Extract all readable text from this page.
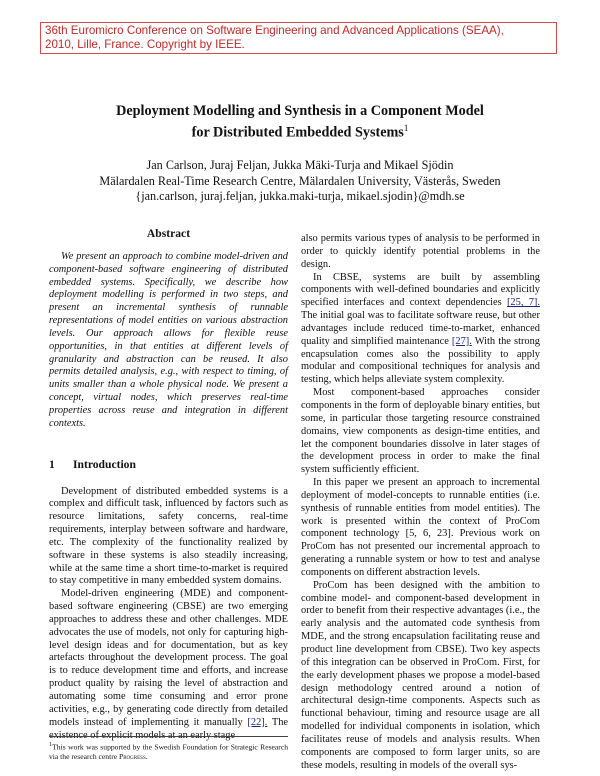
36th Euromicro Conference on Software Engineering and Advanced Applications (SEAA),
2010, Lille, France. Copyright by IEEE.
Deployment Modelling and Synthesis in a Component Model
for Distributed Embedded Systems$^1$
Jan Carlson, Juraj Feljan, Jukka Mäki-Turja and Mikael Sjödin
Mälardalen Real-Time Research Centre, Mälardalen University, Västerås, Sweden
{jan.carlson, juraj.feljan, jukka.maki-turja, mikael.sjodin}@mdh.se
Abstract

We present an approach to combine model-driven and component-based software engineering of distributed embedded systems. Specifically, we describe how deployment modelling is performed in two steps, and present an incremental synthesis of runnable representations of model entities on various abstraction levels. Our approach allows for flexible reuse opportunities, in that entities at different levels of granularity and abstraction can be reused. It also permits detailed analysis, e.g., with respect to timing, of units smaller than a whole physical node. We present a concept, virtual nodes, which preserves real-time properties across reuse and integration in different contexts.

1 Introduction

Development of distributed embedded systems is a complex and difficult task, influenced by factors such as resource limitations, safety concerns, real-time requirements, interplay between software and hardware, etc. The complexity of the functionality realized by software in these systems is also steadily increasing, while at the same time a short time-to-market is required to stay competitive in many embedded system domains.

Model-driven engineering (MDE) and component-based software engineering (CBSE) are two emerging approaches to address these and other challenges. MDE advocates the use of models, not only for capturing high-level design ideas and for documentation, but as key artefacts throughout the development process. The goal is to reduce development time and efforts, and increase product quality by raising the level of abstraction and automating some time consuming and error prone activities, e.g., by generating code directly from detailed models instead of implementing it manually [22]. The existence of explicit models at an early stage

also permits various types of analysis to be performed in order to quickly identify potential problems in the design.

In CBSE, systems are built by assembling components with well-defined boundaries and explicitly specified interfaces and context dependencies [25, 7]. The initial goal was to facilitate software reuse, but other advantages include reduced time-to-market, enhanced quality and simplified maintenance [27]. With the strong encapsulation comes also the possibility to apply modular and compositional techniques for analysis and testing, which helps alleviate system complexity.

Most component-based approaches consider components in the form of deployable binary entities, but some, in particular those targeting resource constrained domains, view components as design-time entities, and let the component boundaries dissolve in later stages of the development process in order to make the final system sufficiently efficient.

In this paper we present an approach to incremental deployment of model-concepts to runnable entities (i.e. synthesis of runnable entities from model entities). The work is presented within the context of ProCom component technology [5, 6, 23]. Previous work on ProCom has not presented our incremental approach to generating a runnable system or how to test and analyse components on different abstraction levels.

ProCom has been designed with the ambition to combine model- and component-based development in order to benefit from their respective advantages (i.e., the early analysis and the automated code synthesis from MDE, and the strong encapsulation facilitating reuse and product line development from CBSE). Two key aspects of this integration can be observed in ProCom. First, for the early development phases we propose a model-based design methodology centred around a notion of architectural design-time components. Aspects such as functional behaviour, timing and resource usage are all modelled for individual components in isolation, which facilitates reuse of models and analysis results. When components are composed to form larger units, so are these models, resulting in models of the overall sys-

$^1$This work was supported by the Swedish Foundation for Strategic Research via the research centre Progress.
